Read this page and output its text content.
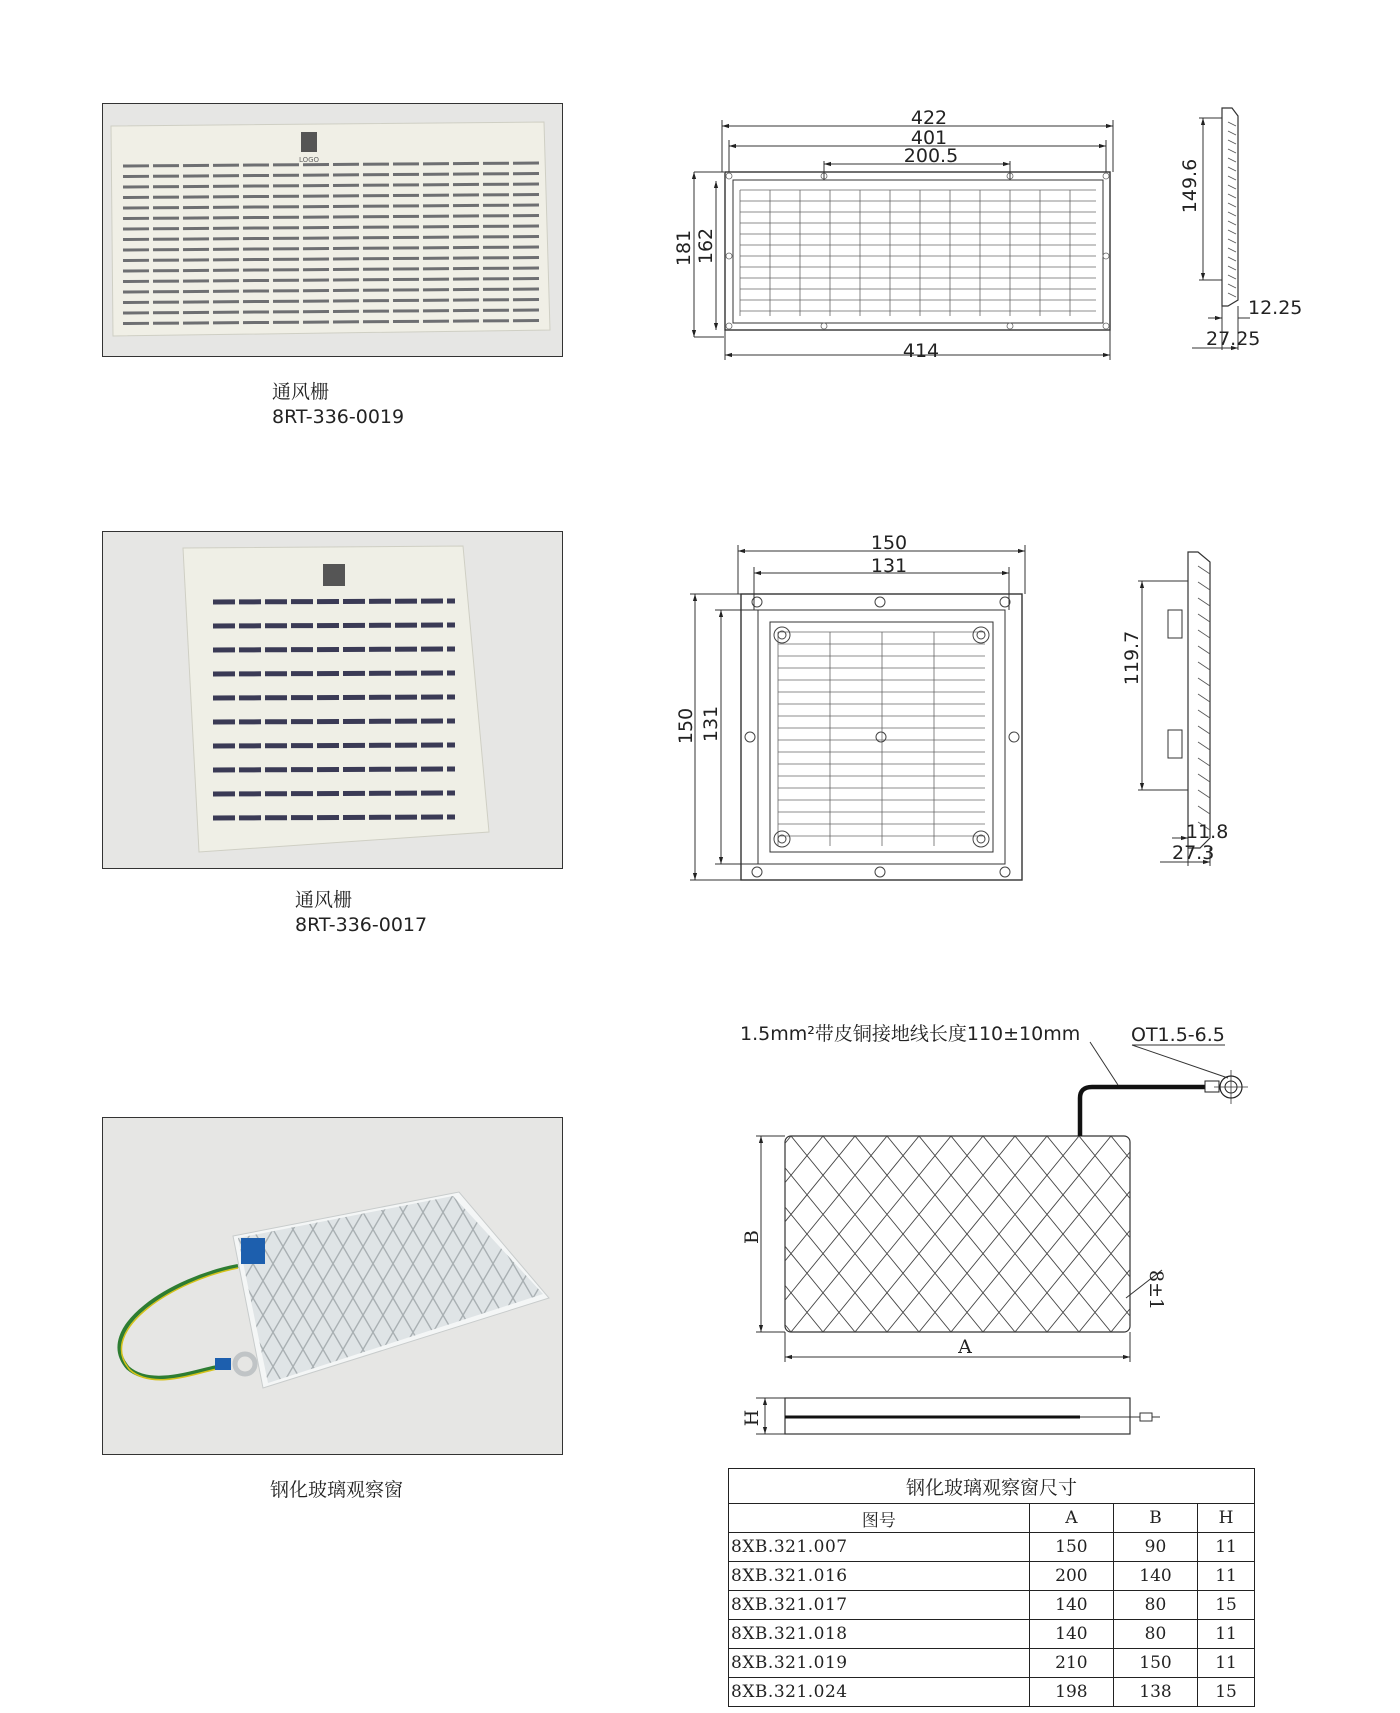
LOGO
通风栅
8RT-336-0019
通风栅
8RT-336-0017
钢化玻璃观察窗
422
401
200.5
414
181 162
149.6
12.25
27.25
150
131
150 131
119.7
11.8
27.3
1.5mm²带皮铜接地线长度110±10mm	OT1.5-6.5
A
B
H
8±1
钢化玻璃观察窗尺寸			
图号	A	B	H
8XB.321.007	150	90	11
8XB.321.016	200	140	11
8XB.321.017	140	80	15
8XB.321.018	140	80	11
8XB.321.019	210	150	11
8XB.321.024	198	138	15
